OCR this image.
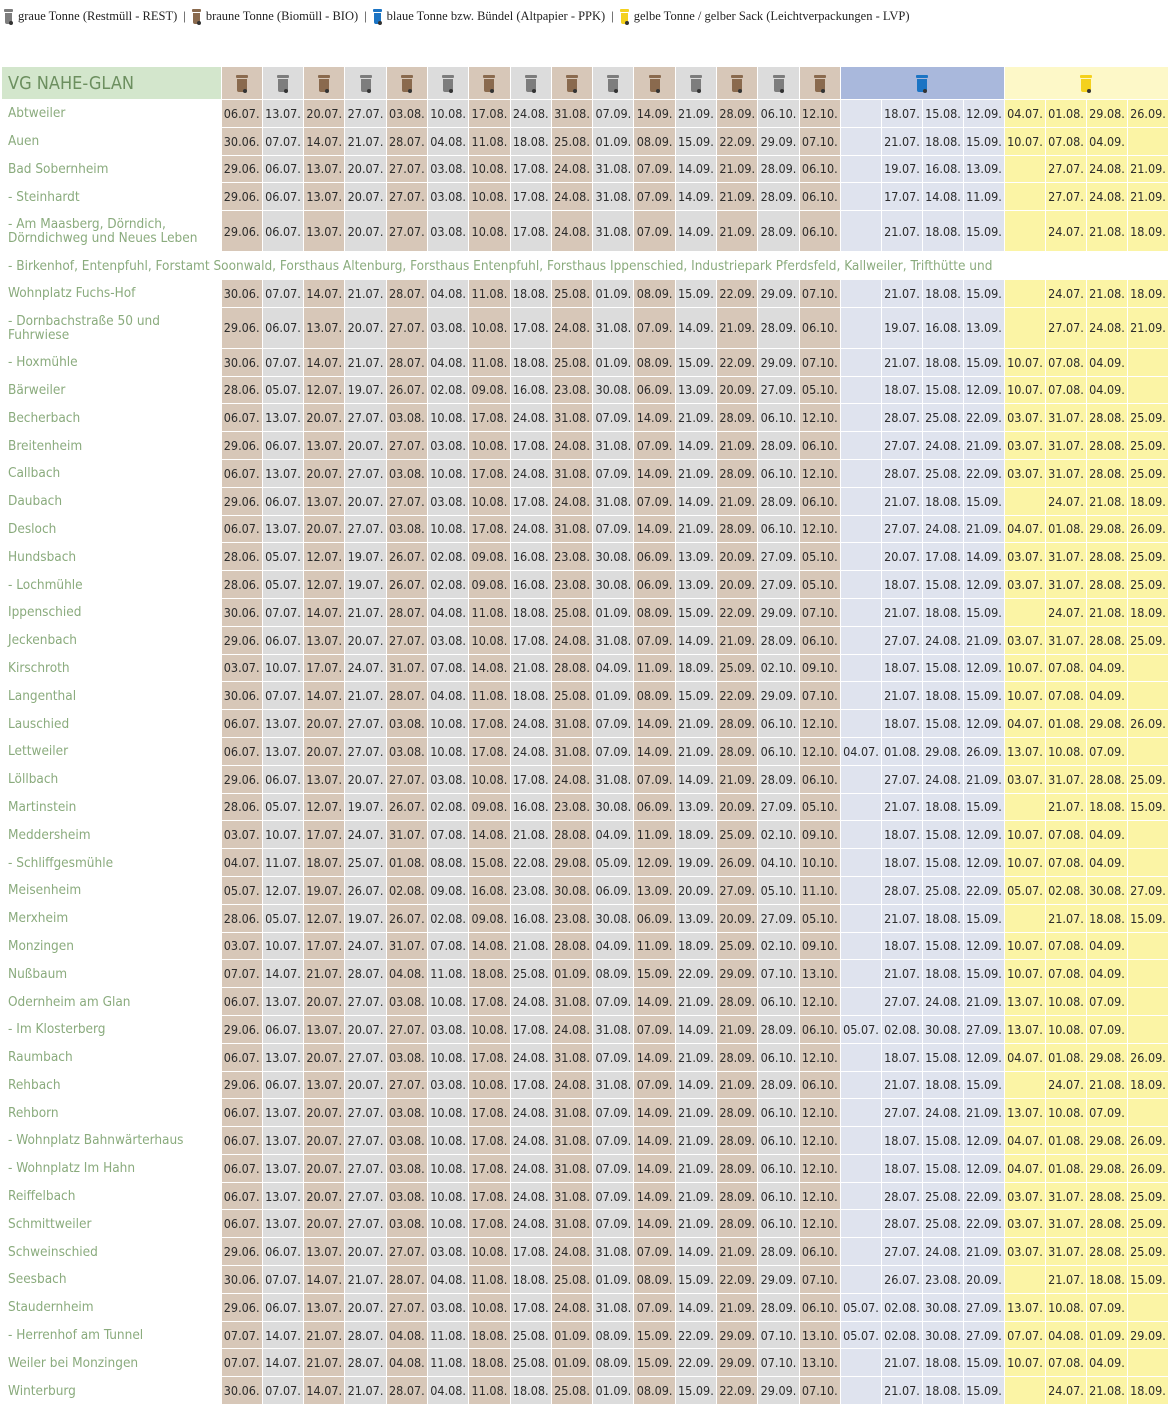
graue Tonne (Restmüll - REST) | braune Tonne (Biomüll - BIO) | blaue Tonne bzw. Bündel (Altpapier - PPK) | gelbe Tonne / gelber Sack (Leichtverpackungen - LVP)
VG NAHE-GLAN							

Abtweiler	06.07.	13.07.	20.07.	27.07.	03.08.	10.08.	17.08.	24.08.	31.08.	07.09.	14.09.	21.09.	28.09.	06.10.	12.10.		18.07.	15.08.	12.09.	04.07.	01.08.	29.08.	26.09.
Auen	30.06.	07.07.	14.07.	21.07.	28.07.	04.08.	11.08.	18.08.	25.08.	01.09.	08.09.	15.09.	22.09.	29.09.	07.10.		21.07.	18.08.	15.09.	10.07.	07.08.	04.09.	
Bad Sobernheim	29.06.	06.07.	13.07.	20.07.	27.07.	03.08.	10.08.	17.08.	24.08.	31.08.	07.09.	14.09.	21.09.	28.09.	06.10.		19.07.	16.08.	13.09.		27.07.	24.08.	21.09.
- Steinhardt	29.06.	06.07.	13.07.	20.07.	27.07.	03.08.	10.08.	17.08.	24.08.	31.08.	07.09.	14.09.	21.09.	28.09.	06.10.		17.07.	14.08.	11.09.		27.07.	24.08.	21.09.
- Am Maasberg, Dörndich, Dörndichweg und Neues Leben	29.06.	06.07.	13.07.	20.07.	27.07.	03.08.	10.08.	17.08.	24.08.	31.08.	07.09.	14.09.	21.09.	28.09.	06.10.		21.07.	18.08.	15.09.		24.07.	21.08.	18.09.
- Birkenhof, Entenpfuhl, Forstamt Soonwald, Forsthaus Altenburg, Forsthaus Entenpfuhl, Forsthaus Ippenschied, Industriepark Pferdsfeld, Kallweiler, Trifthütte und																							
Wohnplatz Fuchs-Hof	30.06.	07.07.	14.07.	21.07.	28.07.	04.08.	11.08.	18.08.	25.08.	01.09.	08.09.	15.09.	22.09.	29.09.	07.10.		21.07.	18.08.	15.09.		24.07.	21.08.	18.09.
- Dornbachstraße 50 und Fuhrwiese	29.06.	06.07.	13.07.	20.07.	27.07.	03.08.	10.08.	17.08.	24.08.	31.08.	07.09.	14.09.	21.09.	28.09.	06.10.		19.07.	16.08.	13.09.		27.07.	24.08.	21.09.
- Hoxmühle	30.06.	07.07.	14.07.	21.07.	28.07.	04.08.	11.08.	18.08.	25.08.	01.09.	08.09.	15.09.	22.09.	29.09.	07.10.		21.07.	18.08.	15.09.	10.07.	07.08.	04.09.	
Bärweiler	28.06.	05.07.	12.07.	19.07.	26.07.	02.08.	09.08.	16.08.	23.08.	30.08.	06.09.	13.09.	20.09.	27.09.	05.10.		18.07.	15.08.	12.09.	10.07.	07.08.	04.09.	
Becherbach	06.07.	13.07.	20.07.	27.07.	03.08.	10.08.	17.08.	24.08.	31.08.	07.09.	14.09.	21.09.	28.09.	06.10.	12.10.		28.07.	25.08.	22.09.	03.07.	31.07.	28.08.	25.09.
Breitenheim	29.06.	06.07.	13.07.	20.07.	27.07.	03.08.	10.08.	17.08.	24.08.	31.08.	07.09.	14.09.	21.09.	28.09.	06.10.		27.07.	24.08.	21.09.	03.07.	31.07.	28.08.	25.09.
Callbach	06.07.	13.07.	20.07.	27.07.	03.08.	10.08.	17.08.	24.08.	31.08.	07.09.	14.09.	21.09.	28.09.	06.10.	12.10.		28.07.	25.08.	22.09.	03.07.	31.07.	28.08.	25.09.
Daubach	29.06.	06.07.	13.07.	20.07.	27.07.	03.08.	10.08.	17.08.	24.08.	31.08.	07.09.	14.09.	21.09.	28.09.	06.10.		21.07.	18.08.	15.09.		24.07.	21.08.	18.09.
Desloch	06.07.	13.07.	20.07.	27.07.	03.08.	10.08.	17.08.	24.08.	31.08.	07.09.	14.09.	21.09.	28.09.	06.10.	12.10.		27.07.	24.08.	21.09.	04.07.	01.08.	29.08.	26.09.
Hundsbach	28.06.	05.07.	12.07.	19.07.	26.07.	02.08.	09.08.	16.08.	23.08.	30.08.	06.09.	13.09.	20.09.	27.09.	05.10.		20.07.	17.08.	14.09.	03.07.	31.07.	28.08.	25.09.
- Lochmühle	28.06.	05.07.	12.07.	19.07.	26.07.	02.08.	09.08.	16.08.	23.08.	30.08.	06.09.	13.09.	20.09.	27.09.	05.10.		18.07.	15.08.	12.09.	03.07.	31.07.	28.08.	25.09.
Ippenschied	30.06.	07.07.	14.07.	21.07.	28.07.	04.08.	11.08.	18.08.	25.08.	01.09.	08.09.	15.09.	22.09.	29.09.	07.10.		21.07.	18.08.	15.09.		24.07.	21.08.	18.09.
Jeckenbach	29.06.	06.07.	13.07.	20.07.	27.07.	03.08.	10.08.	17.08.	24.08.	31.08.	07.09.	14.09.	21.09.	28.09.	06.10.		27.07.	24.08.	21.09.	03.07.	31.07.	28.08.	25.09.
Kirschroth	03.07.	10.07.	17.07.	24.07.	31.07.	07.08.	14.08.	21.08.	28.08.	04.09.	11.09.	18.09.	25.09.	02.10.	09.10.		18.07.	15.08.	12.09.	10.07.	07.08.	04.09.	
Langenthal	30.06.	07.07.	14.07.	21.07.	28.07.	04.08.	11.08.	18.08.	25.08.	01.09.	08.09.	15.09.	22.09.	29.09.	07.10.		21.07.	18.08.	15.09.	10.07.	07.08.	04.09.	
Lauschied	06.07.	13.07.	20.07.	27.07.	03.08.	10.08.	17.08.	24.08.	31.08.	07.09.	14.09.	21.09.	28.09.	06.10.	12.10.		18.07.	15.08.	12.09.	04.07.	01.08.	29.08.	26.09.
Lettweiler	06.07.	13.07.	20.07.	27.07.	03.08.	10.08.	17.08.	24.08.	31.08.	07.09.	14.09.	21.09.	28.09.	06.10.	12.10.	04.07.	01.08.	29.08.	26.09.	13.07.	10.08.	07.09.	
Löllbach	29.06.	06.07.	13.07.	20.07.	27.07.	03.08.	10.08.	17.08.	24.08.	31.08.	07.09.	14.09.	21.09.	28.09.	06.10.		27.07.	24.08.	21.09.	03.07.	31.07.	28.08.	25.09.
Martinstein	28.06.	05.07.	12.07.	19.07.	26.07.	02.08.	09.08.	16.08.	23.08.	30.08.	06.09.	13.09.	20.09.	27.09.	05.10.		21.07.	18.08.	15.09.		21.07.	18.08.	15.09.
Meddersheim	03.07.	10.07.	17.07.	24.07.	31.07.	07.08.	14.08.	21.08.	28.08.	04.09.	11.09.	18.09.	25.09.	02.10.	09.10.		18.07.	15.08.	12.09.	10.07.	07.08.	04.09.	
- Schliffgesmühle	04.07.	11.07.	18.07.	25.07.	01.08.	08.08.	15.08.	22.08.	29.08.	05.09.	12.09.	19.09.	26.09.	04.10.	10.10.		18.07.	15.08.	12.09.	10.07.	07.08.	04.09.	
Meisenheim	05.07.	12.07.	19.07.	26.07.	02.08.	09.08.	16.08.	23.08.	30.08.	06.09.	13.09.	20.09.	27.09.	05.10.	11.10.		28.07.	25.08.	22.09.	05.07.	02.08.	30.08.	27.09.
Merxheim	28.06.	05.07.	12.07.	19.07.	26.07.	02.08.	09.08.	16.08.	23.08.	30.08.	06.09.	13.09.	20.09.	27.09.	05.10.		21.07.	18.08.	15.09.		21.07.	18.08.	15.09.
Monzingen	03.07.	10.07.	17.07.	24.07.	31.07.	07.08.	14.08.	21.08.	28.08.	04.09.	11.09.	18.09.	25.09.	02.10.	09.10.		18.07.	15.08.	12.09.	10.07.	07.08.	04.09.	
Nußbaum	07.07.	14.07.	21.07.	28.07.	04.08.	11.08.	18.08.	25.08.	01.09.	08.09.	15.09.	22.09.	29.09.	07.10.	13.10.		21.07.	18.08.	15.09.	10.07.	07.08.	04.09.	
Odernheim am Glan	06.07.	13.07.	20.07.	27.07.	03.08.	10.08.	17.08.	24.08.	31.08.	07.09.	14.09.	21.09.	28.09.	06.10.	12.10.		27.07.	24.08.	21.09.	13.07.	10.08.	07.09.	
- Im Klosterberg	29.06.	06.07.	13.07.	20.07.	27.07.	03.08.	10.08.	17.08.	24.08.	31.08.	07.09.	14.09.	21.09.	28.09.	06.10.	05.07.	02.08.	30.08.	27.09.	13.07.	10.08.	07.09.	
Raumbach	06.07.	13.07.	20.07.	27.07.	03.08.	10.08.	17.08.	24.08.	31.08.	07.09.	14.09.	21.09.	28.09.	06.10.	12.10.		18.07.	15.08.	12.09.	04.07.	01.08.	29.08.	26.09.
Rehbach	29.06.	06.07.	13.07.	20.07.	27.07.	03.08.	10.08.	17.08.	24.08.	31.08.	07.09.	14.09.	21.09.	28.09.	06.10.		21.07.	18.08.	15.09.		24.07.	21.08.	18.09.
Rehborn	06.07.	13.07.	20.07.	27.07.	03.08.	10.08.	17.08.	24.08.	31.08.	07.09.	14.09.	21.09.	28.09.	06.10.	12.10.		27.07.	24.08.	21.09.	13.07.	10.08.	07.09.	
- Wohnplatz Bahnwärterhaus	06.07.	13.07.	20.07.	27.07.	03.08.	10.08.	17.08.	24.08.	31.08.	07.09.	14.09.	21.09.	28.09.	06.10.	12.10.		18.07.	15.08.	12.09.	04.07.	01.08.	29.08.	26.09.
- Wohnplatz Im Hahn	06.07.	13.07.	20.07.	27.07.	03.08.	10.08.	17.08.	24.08.	31.08.	07.09.	14.09.	21.09.	28.09.	06.10.	12.10.		18.07.	15.08.	12.09.	04.07.	01.08.	29.08.	26.09.
Reiffelbach	06.07.	13.07.	20.07.	27.07.	03.08.	10.08.	17.08.	24.08.	31.08.	07.09.	14.09.	21.09.	28.09.	06.10.	12.10.		28.07.	25.08.	22.09.	03.07.	31.07.	28.08.	25.09.
Schmittweiler	06.07.	13.07.	20.07.	27.07.	03.08.	10.08.	17.08.	24.08.	31.08.	07.09.	14.09.	21.09.	28.09.	06.10.	12.10.		28.07.	25.08.	22.09.	03.07.	31.07.	28.08.	25.09.
Schweinschied	29.06.	06.07.	13.07.	20.07.	27.07.	03.08.	10.08.	17.08.	24.08.	31.08.	07.09.	14.09.	21.09.	28.09.	06.10.		27.07.	24.08.	21.09.	03.07.	31.07.	28.08.	25.09.
Seesbach	30.06.	07.07.	14.07.	21.07.	28.07.	04.08.	11.08.	18.08.	25.08.	01.09.	08.09.	15.09.	22.09.	29.09.	07.10.		26.07.	23.08.	20.09.		21.07.	18.08.	15.09.
Staudernheim	29.06.	06.07.	13.07.	20.07.	27.07.	03.08.	10.08.	17.08.	24.08.	31.08.	07.09.	14.09.	21.09.	28.09.	06.10.	05.07.	02.08.	30.08.	27.09.	13.07.	10.08.	07.09.	
- Herrenhof am Tunnel	07.07.	14.07.	21.07.	28.07.	04.08.	11.08.	18.08.	25.08.	01.09.	08.09.	15.09.	22.09.	29.09.	07.10.	13.10.	05.07.	02.08.	30.08.	27.09.	07.07.	04.08.	01.09.	29.09.
Weiler bei Monzingen	07.07.	14.07.	21.07.	28.07.	04.08.	11.08.	18.08.	25.08.	01.09.	08.09.	15.09.	22.09.	29.09.	07.10.	13.10.		21.07.	18.08.	15.09.	10.07.	07.08.	04.09.	
Winterburg	30.06.	07.07.	14.07.	21.07.	28.07.	04.08.	11.08.	18.08.	25.08.	01.09.	08.09.	15.09.	22.09.	29.09.	07.10.		21.07.	18.08.	15.09.		24.07.	21.08.	18.09.
